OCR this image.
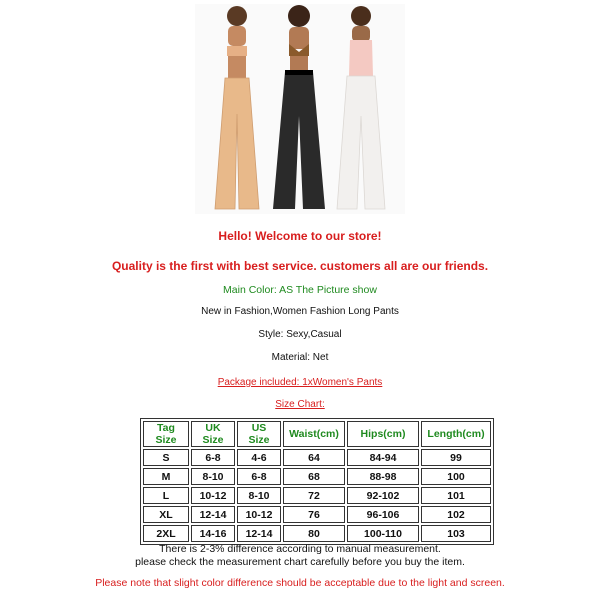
Hello! Welcome to our store!
Quality is the first with best service. customers all are our friends.
Main Color: AS The Picture show
New in Fashion,Women Fashion Long Pants
Style: Sexy,Casual
Material: Net
Package included: 1xWomen's Pants
Size Chart:
Tag Size	UK Size	US Size	Waist(cm)	Hips(cm)	Length(cm)
S	6-8	4-6	64	84-94	99
M	8-10	6-8	68	88-98	100
L	10-12	8-10	72	92-102	101
XL	12-14	10-12	76	96-106	102
2XL	14-16	12-14	80	100-110	103
There is 2-3% difference according to manual measurement.
please check the measurement chart carefully before you buy the item.
Please note that slight color difference should be acceptable due to the light and screen.
